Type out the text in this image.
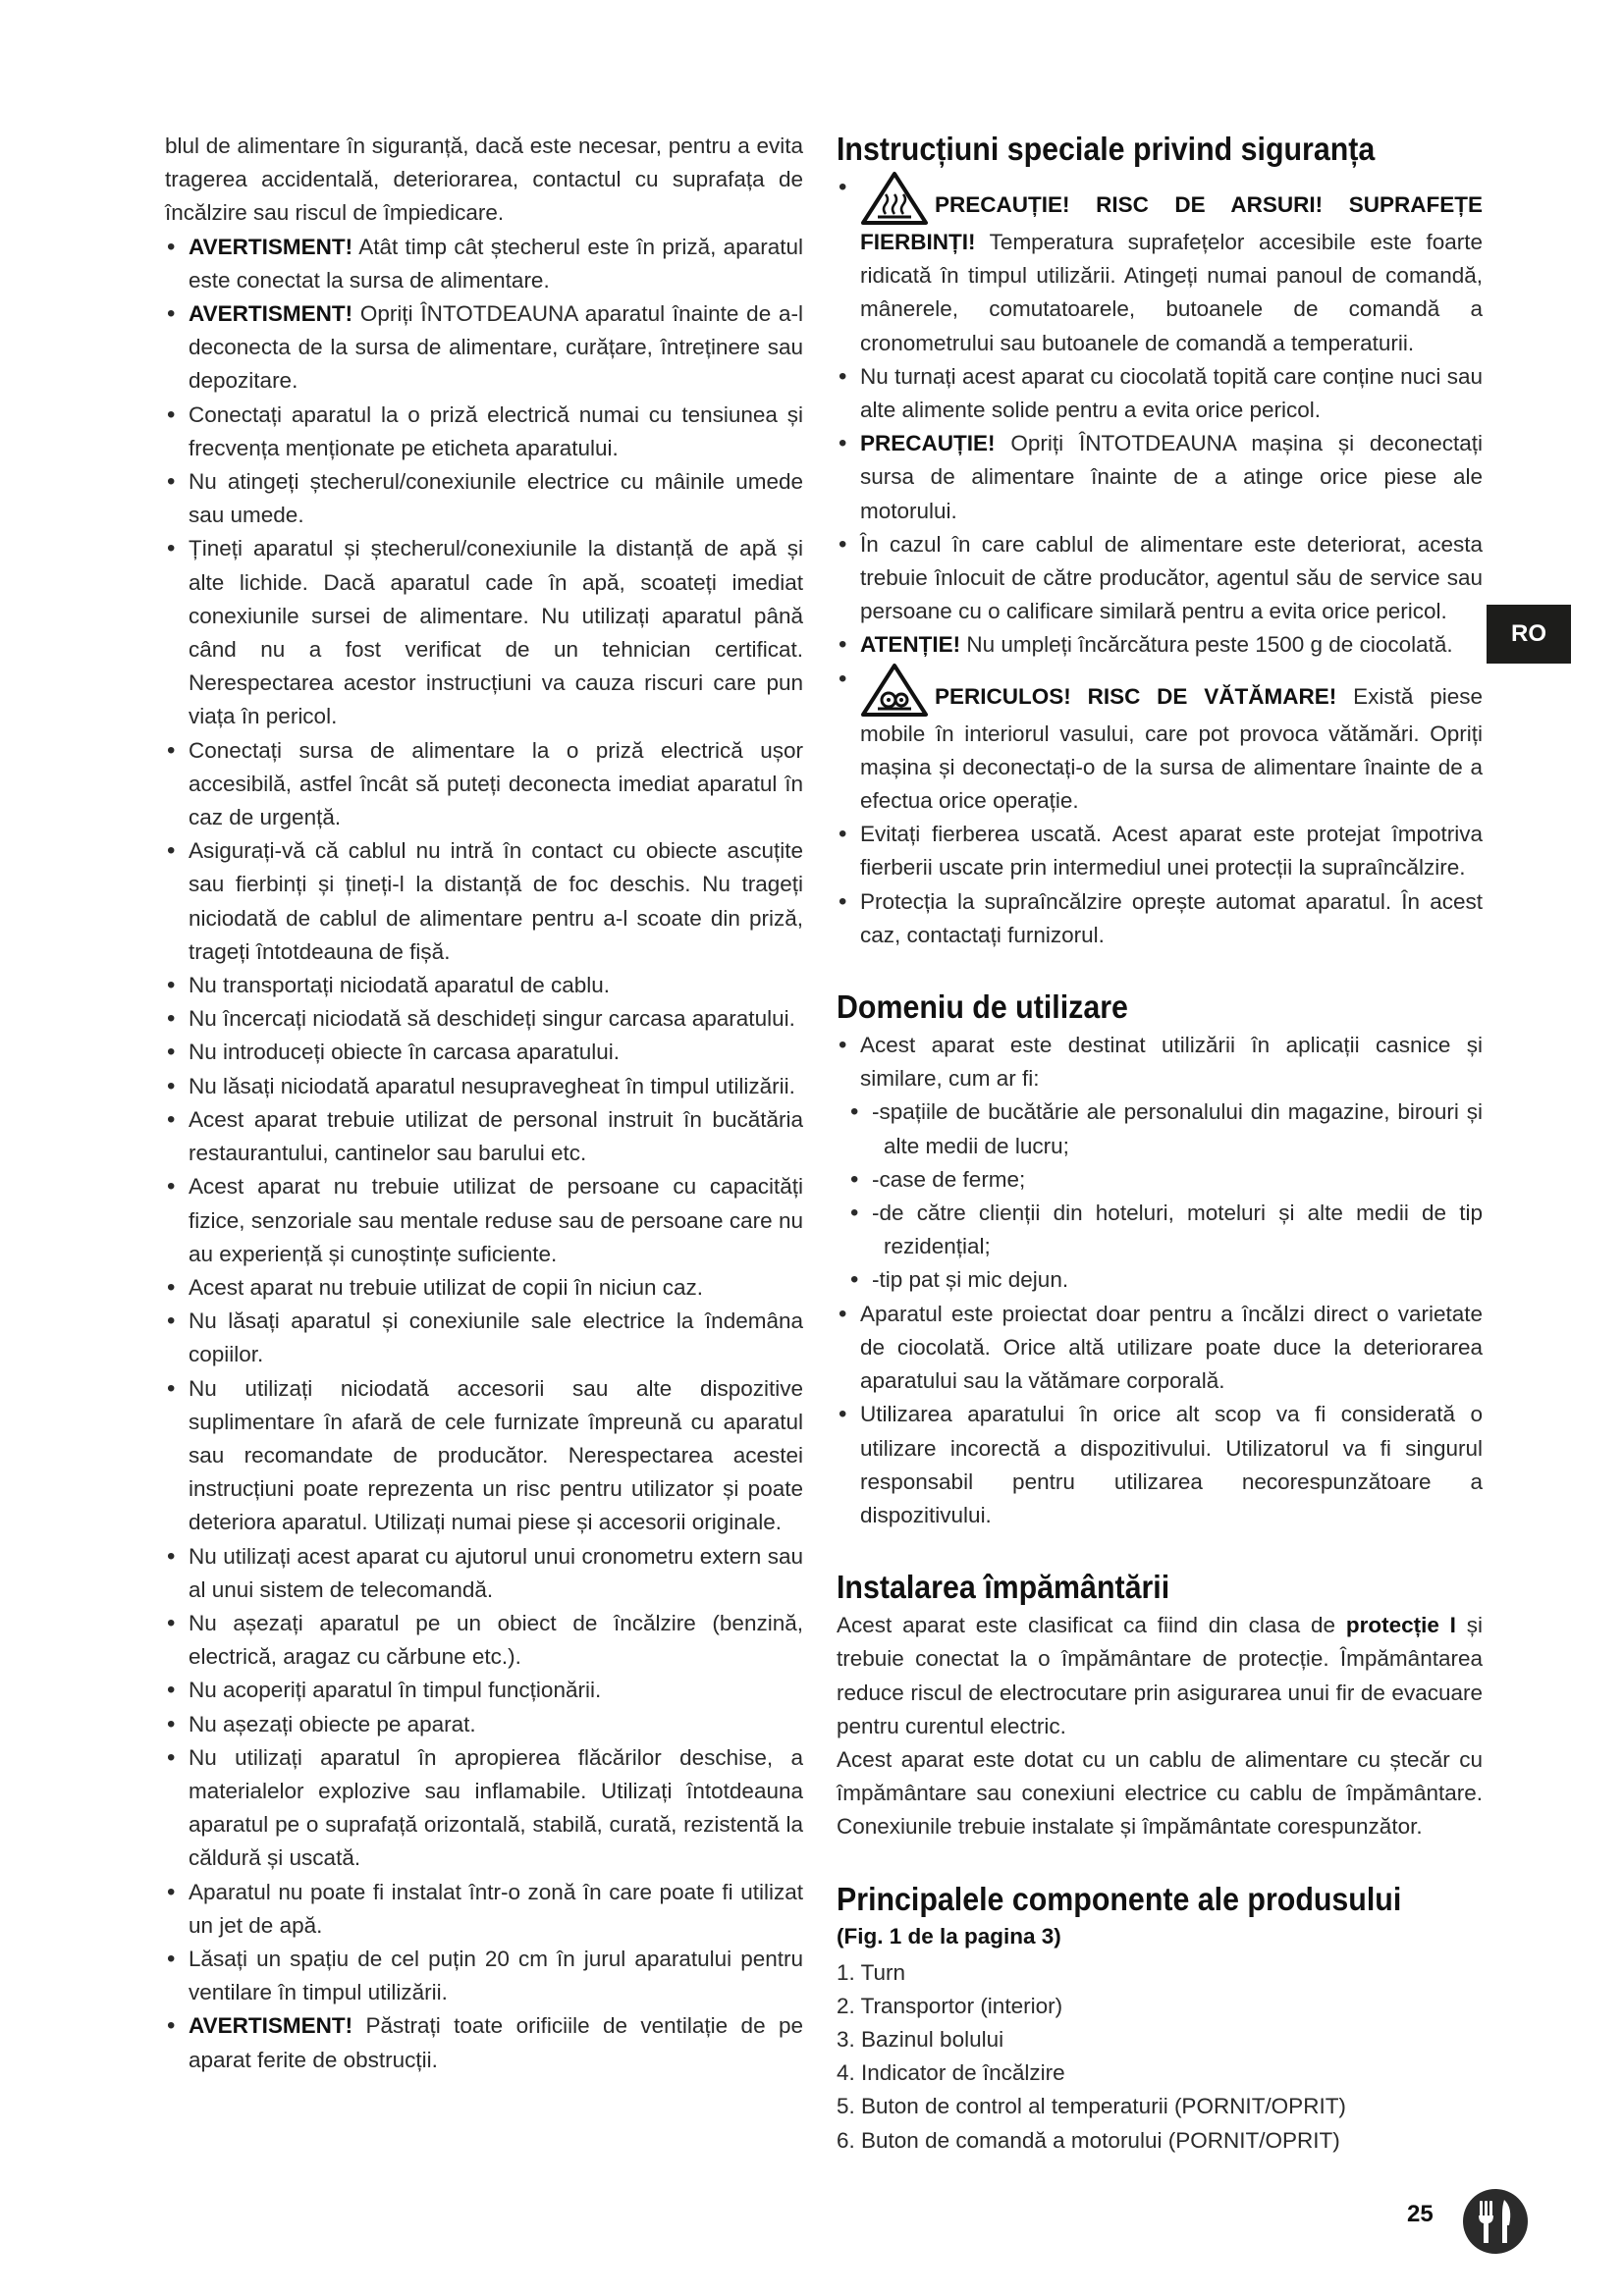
blul de alimentare în siguranță, dacă este necesar, pentru a evita tragerea accidentală, deteriorarea, contactul cu suprafața de încălzire sau riscul de împiedicare.

• AVERTISMENT! Atât timp cât ștecherul este în priză, aparatul este conectat la sursa de alimentare.
• AVERTISMENT! Opriți ÎNTOTDEAUNA aparatul înainte de a-l deconecta de la sursa de alimentare, curățare, întreținere sau depozitare.
• Conectați aparatul la o priză electrică numai cu tensiunea și frecvența menționate pe eticheta aparatului.
• Nu atingeți ștecherul/conexiunile electrice cu mâinile umede sau umede.
• Țineți aparatul și ștecherul/conexiunile la distanță de apă și alte lichide. Dacă aparatul cade în apă, scoateți imediat conexiunile sursei de alimentare. Nu utilizați aparatul până când nu a fost verificat de un tehnician certificat. Nerespectarea acestor instrucțiuni va cauza riscuri care pun viața în pericol.
• Conectați sursa de alimentare la o priză electrică ușor accesibilă, astfel încât să puteți deconecta imediat aparatul în caz de urgență.
• Asigurați-vă că cablul nu intră în contact cu obiecte ascuțite sau fierbinți și țineți-l la distanță de foc deschis. Nu trageți niciodată de cablul de alimentare pentru a-l scoate din priză, trageți întotdeauna de fișă.
• Nu transportați niciodată aparatul de cablu.
• Nu încercați niciodată să deschideți singur carcasa aparatului.
• Nu introduceți obiecte în carcasa aparatului.
• Nu lăsați niciodată aparatul nesupravegheat în timpul utilizării.
• Acest aparat trebuie utilizat de personal instruit în bucătăria restaurantului, cantinelor sau barului etc.
• Acest aparat nu trebuie utilizat de persoane cu capacități fizice, senzoriale sau mentale reduse sau de persoane care nu au experiență și cunoștințe suficiente.
• Acest aparat nu trebuie utilizat de copii în niciun caz.
• Nu lăsați aparatul și conexiunile sale electrice la îndemâna copiilor.
• Nu utilizați niciodată accesorii sau alte dispozitive suplimentare în afară de cele furnizate împreună cu aparatul sau recomandate de producător. Nerespectarea acestei instrucțiuni poate reprezenta un risc pentru utilizator și poate deteriora aparatul. Utilizați numai piese și accesorii originale.
• Nu utilizați acest aparat cu ajutorul unui cronometru extern sau al unui sistem de telecomandă.
• Nu așezați aparatul pe un obiect de încălzire (benzină, electrică, aragaz cu cărbune etc.).
• Nu acoperiți aparatul în timpul funcționării.
• Nu așezați obiecte pe aparat.
• Nu utilizați aparatul în apropierea flăcărilor deschise, a materialelor explozive sau inflamabile. Utilizați întotdeauna aparatul pe o suprafață orizontală, stabilă, curată, rezistentă la căldură și uscată.
• Aparatul nu poate fi instalat într-o zonă în care poate fi utilizat un jet de apă.
• Lăsați un spațiu de cel puțin 20 cm în jurul aparatului pentru ventilare în timpul utilizării.
• AVERTISMENT! Păstrați toate orificiile de ventilație de pe aparat ferite de obstrucții.
Instrucțiuni speciale privind siguranța
• PRECAUȚIE! RISC DE ARSURI! SUPRAFEȚE FIERBINȚI! Temperatura suprafețelor accesibile este foarte ridicată în timpul utilizării. Atingeți numai panoul de comandă, mânerele, comutatoarele, butoanele de comandă a cronometrului sau butoanele de comandă a temperaturii.
• Nu turnați acest aparat cu ciocolată topită care conține nuci sau alte alimente solide pentru a evita orice pericol.
• PRECAUȚIE! Opriți ÎNTOTDEAUNA mașina și deconectați sursa de alimentare înainte de a atinge orice piese ale motorului.
• În cazul în care cablul de alimentare este deteriorat, acesta trebuie înlocuit de către producător, agentul său de service sau persoane cu o calificare similară pentru a evita orice pericol.
• ATENȚIE! Nu umpleți încărcătura peste 1500 g de ciocolată.
• PERICULOS! RISC DE VĂTĂMARE! Există piese mobile în interiorul vasului, care pot provoca vătămări. Opriți mașina și deconectați-o de la sursa de alimentare înainte de a efectua orice operație.
• Evitați fierberea uscată. Acest aparat este protejat împotriva fierberii uscate prin intermediul unei protecții la supraîncălzire.
• Protecția la supraîncălzire oprește automat aparatul. În acest caz, contactați furnizorul.
Domeniu de utilizare
• Acest aparat este destinat utilizării în aplicații casnice și similare, cum ar fi:
• -spațiile de bucătărie ale personalului din magazine, birouri și alte medii de lucru;
• -case de ferme;
• -de către clienții din hoteluri, moteluri și alte medii de tip rezidențial;
• -tip pat și mic dejun.
• Aparatul este proiectat doar pentru a încălzi direct o varietate de ciocolată. Orice altă utilizare poate duce la deteriorarea aparatului sau la vătămare corporală.
• Utilizarea aparatului în orice alt scop va fi considerată o utilizare incorectă a dispozitivului. Utilizatorul va fi singurul responsabil pentru utilizarea necorespunzătoare a dispozitivului.
Instalarea împământării

Acest aparat este clasificat ca fiind din clasa de protecție I și trebuie conectat la o împământare de protecție. Împământarea reduce riscul de electrocutare prin asigurarea unui fir de evacuare pentru curentul electric.

Acest aparat este dotat cu un cablu de alimentare cu ștecăr cu împământare sau conexiuni electrice cu cablu de împământare. Conexiunile trebuie instalate și împământate corespunzător.

Principalele componente ale produsului
(Fig. 1 de la pagina 3)
1. Turn
2. Transportor (interior)
3. Bazinul bolului
4. Indicator de încălzire
5. Buton de control al temperaturii (PORNIT/OPRIT)
6. Buton de comandă a motorului (PORNIT/OPRIT)
RO
25
